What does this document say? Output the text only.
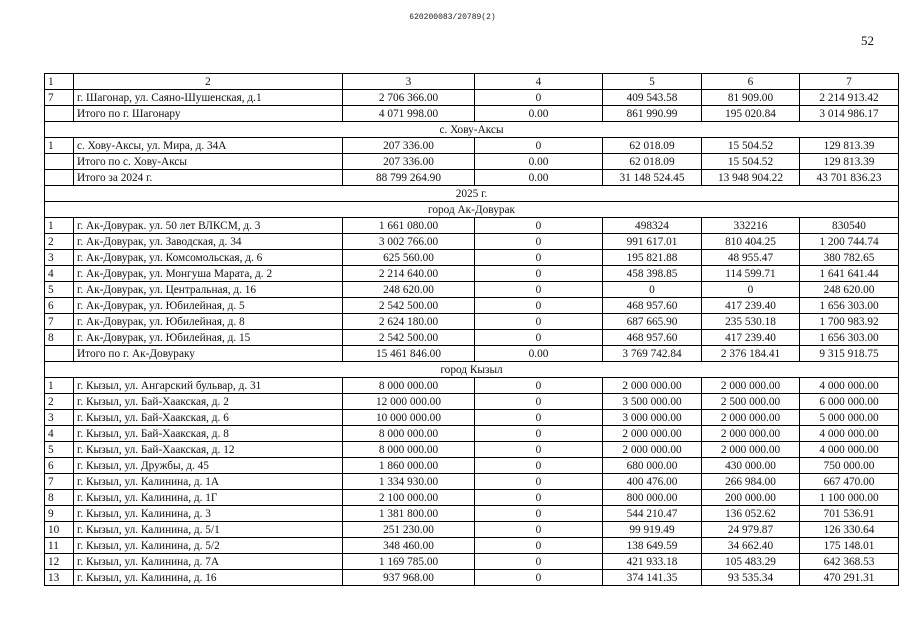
620200083/20789(2)
52
1	2	3	4	5	6	7
7	г. Шагонар, ул. Саяно-Шушенская, д.1	2 706 366.00	0	409 543.58	81 909.00	2 214 913.42
	Итого по г. Шагонару	4 071 998.00	0.00	861 990.99	195 020.84	3 014 986.17
с. Хову-Аксы						
1	с. Хову-Аксы, ул. Мира, д. 34А	207 336.00	0	62 018.09	15 504.52	129 813.39
	Итого по с. Хову-Аксы	207 336.00	0.00	62 018.09	15 504.52	129 813.39
	Итого за 2024 г.	88 799 264.90	0.00	31 148 524.45	13 948 904.22	43 701 836.23
2025 г.						
город Ак-Довурак						
1	г. Ак-Довурак. ул. 50 лет ВЛКСМ, д. 3	1 661 080.00	0	498324	332216	830540
2	г. Ак-Довурак, ул. Заводская, д. 34	3 002 766.00	0	991 617.01	810 404.25	1 200 744.74
3	г. Ак-Довурак, ул. Комсомольская, д. 6	625 560.00	0	195 821.88	48 955.47	380 782.65
4	г. Ак-Довурак, ул. Монгуша Марата, д. 2	2 214 640.00	0	458 398.85	114 599.71	1 641 641.44
5	г. Ак-Довурак, ул. Центральная, д. 16	248 620.00	0	0	0	248 620.00
6	г. Ак-Довурак, ул. Юбилейная, д. 5	2 542 500.00	0	468 957.60	417 239.40	1 656 303.00
7	г. Ак-Довурак, ул. Юбилейная, д. 8	2 624 180.00	0	687 665.90	235 530.18	1 700 983.92
8	г. Ак-Довурак, ул. Юбилейная, д. 15	2 542 500.00	0	468 957.60	417 239.40	1 656 303.00
	Итого по г. Ак-Довураку	15 461 846.00	0.00	3 769 742.84	2 376 184.41	9 315 918.75
город Кызыл						
1	г. Кызыл, ул. Ангарский бульвар, д. 31	8 000 000.00	0	2 000 000.00	2 000 000.00	4 000 000.00
2	г. Кызыл, ул. Бай-Хаакская, д. 2	12 000 000.00	0	3 500 000.00	2 500 000.00	6 000 000.00
3	г. Кызыл, ул. Бай-Хаакская, д. 6	10 000 000.00	0	3 000 000.00	2 000 000.00	5 000 000.00
4	г. Кызыл, ул. Бай-Хаакская, д. 8	8 000 000.00	0	2 000 000.00	2 000 000.00	4 000 000.00
5	г. Кызыл, ул. Бай-Хаакская, д. 12	8 000 000.00	0	2 000 000.00	2 000 000.00	4 000 000.00
6	г. Кызыл, ул. Дружбы, д. 45	1 860 000.00	0	680 000.00	430 000.00	750 000.00
7	г. Кызыл, ул. Калинина, д. 1А	1 334 930.00	0	400 476.00	266 984.00	667 470.00
8	г. Кызыл, ул. Калинина, д. 1Г	2 100 000.00	0	800 000.00	200 000.00	1 100 000.00
9	г. Кызыл, ул. Калинина, д. 3	1 381 800.00	0	544 210.47	136 052.62	701 536.91
10	г. Кызыл, ул. Калинина, д. 5/1	251 230.00	0	99 919.49	24 979.87	126 330.64
11	г. Кызыл, ул. Калинина, д. 5/2	348 460.00	0	138 649.59	34 662.40	175 148.01
12	г. Кызыл, ул. Калинина, д. 7А	1 169 785.00	0	421 933.18	105 483.29	642 368.53
13	г. Кызыл, ул. Калинина, д. 16	937 968.00	0	374 141.35	93 535.34	470 291.31
